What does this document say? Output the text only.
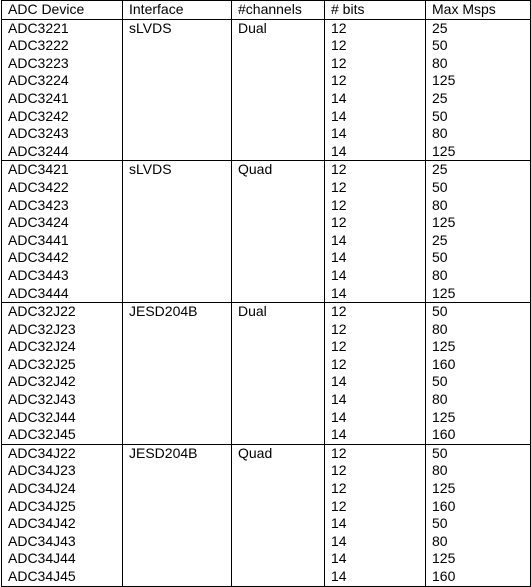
ADC Device	Interface	#channels	# bits	Max Msps
ADC3221	sLVDS	Dual	12	25
ADC3222			12	50
ADC3223			12	80
ADC3224			12	125
ADC3241			14	25
ADC3242			14	50
ADC3243			14	80
ADC3244			14	125
ADC3421	sLVDS	Quad	12	25
ADC3422			12	50
ADC3423			12	80
ADC3424			12	125
ADC3441			14	25
ADC3442			14	50
ADC3443			14	80
ADC3444			14	125
ADC32J22	JESD204B	Dual	12	50
ADC32J23			12	80
ADC32J24			12	125
ADC32J25			12	160
ADC32J42			14	50
ADC32J43			14	80
ADC32J44			14	125
ADC32J45			14	160
ADC34J22	JESD204B	Quad	12	50
ADC34J23			12	80
ADC34J24			12	125
ADC34J25			12	160
ADC34J42			14	50
ADC34J43			14	80
ADC34J44			14	125
ADC34J45			14	160
